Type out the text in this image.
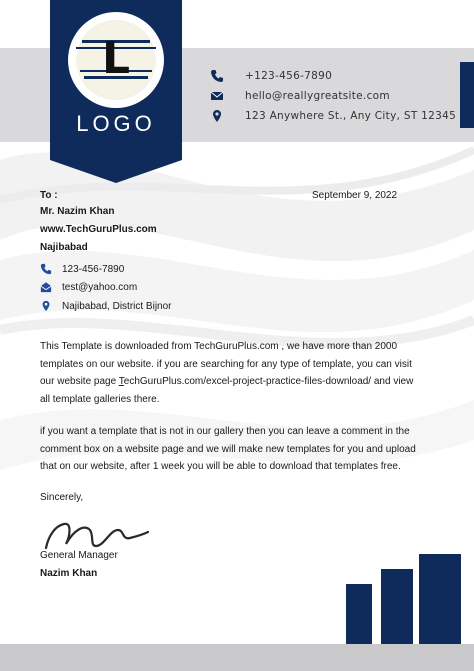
L
LOGO
+123-456-7890
hello@reallygreatsite.com
123 Anywhere St., Any City, ST 12345
To :	September 9, 2022
Mr. Nazim Khan
www.TechGuruPlus.com
Najibabad
123-456-7890
test@yahoo.com
Najibabad, District Bijnor
This Template is downloaded from TechGuruPlus.com , we have more than 2000
templates on our website. if you are searching for any type of template, you can visit
our website page TechGuruPlus.com/excel-project-practice-files-download/ and view
all template galleries there.
if you want a template that is not in our gallery then you can leave a comment in the
comment box on a website page and we will make new templates for you and upload
that on our website, after 1 week you will be able to download that templates free.
Sincerely,
General Manager
Nazim Khan
